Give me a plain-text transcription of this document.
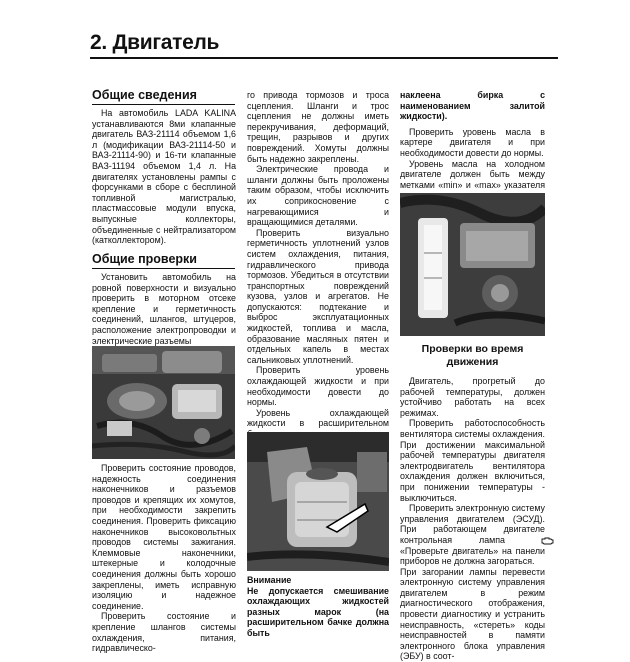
2. Двигатель
Общие сведения

На автомобиль LADA KALINA устанавливаются 8ми клапанные двигатель ВАЗ-21114 объемом 1,6 л (модификации ВАЗ-21114-50 и ВАЗ-21114-90) и 16-ти клапанные ВАЗ-11194 объемом 1,4 л. На двигателях установлены рампы с форсунками в сборе с бесплиной топливной магистралью, пластмассовые модули впуска, выпускные коллекторы, объединенные с нейтрализатором (катколлектором).

Общие проверки

Установить автомобиль на ровной поверхности и визуально проверить в моторном отсеке крепление и герметичность соединений, шлангов, штуцеров, расположение электропроводки и электрические разъемы

Проверить состояние проводов, надежность соединения наконечников и разъемов проводов и крепящих их хомутов, при необходимости закрепить соединения. Проверить фиксацию наконечников высоковольтных проводов системы зажигания. Клеммовые наконечники, штекерные и колодочные соединения должны быть хорошо закреплены, иметь исправную изоляцию и надежное соединение.

Проверить состояние и крепление шлангов системы охлаждения, питания, гидравлическо-

го привода тормозов и троса сцепления. Шланги и трос сцепления не должны иметь перекручивания, деформаций, трещин, разрывов и других повреждений. Хомуты должны быть надежно закреплены.

Электрические провода и шланги должны быть проложены таким образом, чтобы исключить их соприкосновение с нагревающимися и вращающимися деталями.

Проверить визуально герметичность уплотнений узлов систем охлаждения, питания, гидравлического привода тормозов. Убедиться в отсутствии транспортных повреждений кузова, узлов и агрегатов. Не допускаются: подтекание и выброс эксплуатационных жидкостей, топлива и масла, образование масляных пятен и отдельных капель в местах сальниковых уплотнений.

Проверить уровень охлаждающей жидкости и при необходимости довести до нормы.

Уровень охлаждающей жидкости в расширительном

Внимание

Не допускается смешивание охлаждающих жидкостей разных марок (на расширительном бачке должна быть

наклеена бирка с наименованием залитой жидкости).

Проверить уровень масла в картере двигателя и при необходимости довести до нормы.

Уровень масла на холодном двигателе должен быть между метками «min» и «max» указателя

Проверки во время движения

Двигатель, прогретый до рабочей температуры, должен устойчиво работать на всех режимах.

Проверить работоспособность вентилятора системы охлаждения. При достижении максимальной рабочей температуры двигателя электродвигатель вентилятора охлаждения должен включиться, при понижении температуры - выключиться.

Проверить электронную систему управления двигателем (ЭСУД). При работающем двигателе контрольная лампа  «Проверьте двигатель» на панели приборов не должна загораться.

При загорании лампы перевести электронную систему управления двигателем в режим диагностического отображения, провести диагностику и устранить неисправность, «стереть» коды неисправностей в памяти электронного блока управления (ЭБУ) в соот-
